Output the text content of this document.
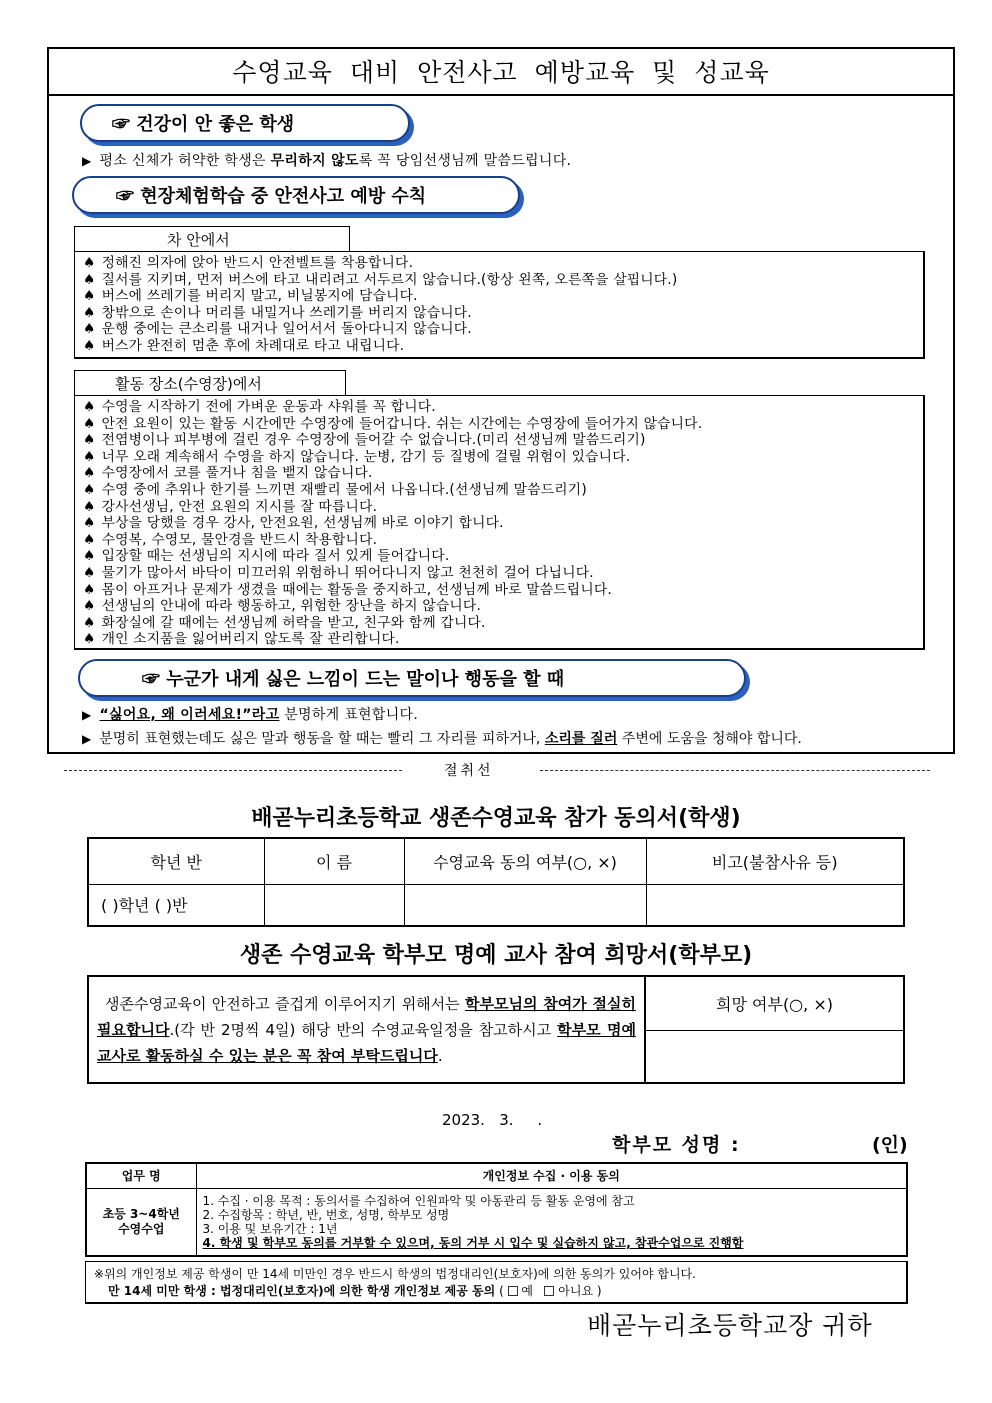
수영교육 대비 안전사고 예방교육 및 성교육
☞ 건강이 안 좋은 학생
▶ 평소 신체가 허약한 학생은 무리하지 않도록 꼭 당임선생님께 말씀드립니다.
☞ 현장체험학습 중 안전사고 예방 수칙
차 안에서
♠ 정해진 의자에 앉아 반드시 안전벨트를 착용합니다.
♠ 질서를 지키며, 먼저 버스에 타고 내리려고 서두르지 않습니다.(항상 왼쪽, 오른쪽을 살핍니다.)
♠ 버스에 쓰레기를 버리지 말고, 비닐봉지에 담습니다.
♠ 창밖으로 손이나 머리를 내밀거나 쓰레기를 버리지 않습니다.
♠ 운행 중에는 큰소리를 내거나 일어서서 돌아다니지 않습니다.
♠ 버스가 완전히 멈춘 후에 차례대로 타고 내립니다.
활동 장소(수영장)에서
♠ 수영을 시작하기 전에 가벼운 운동과 샤워를 꼭 합니다.
♠ 안전 요원이 있는 활동 시간에만 수영장에 들어갑니다. 쉬는 시간에는 수영장에 들어가지 않습니다.
♠ 전염병이나 피부병에 걸린 경우 수영장에 들어갈 수 없습니다.(미리 선생님께 말씀드리기)
♠ 너무 오래 계속해서 수영을 하지 않습니다. 눈병, 감기 등 질병에 걸릴 위험이 있습니다.
♠ 수영장에서 코를 풀거나 침을 뱉지 않습니다.
♠ 수영 중에 추위나 한기를 느끼면 재빨리 물에서 나옵니다.(선생님께 말씀드리기)
♠ 강사선생님, 안전 요원의 지시를 잘 따릅니다.
♠ 부상을 당했을 경우 강사, 안전요원, 선생님께 바로 이야기 합니다.
♠ 수영복, 수영모, 물안경을 반드시 착용합니다.
♠ 입장할 때는 선생님의 지시에 따라 질서 있게 들어갑니다.
♠ 물기가 많아서 바닥이 미끄러워 위험하니 뛰어다니지 않고 천천히 걸어 다닙니다.
♠ 몸이 아프거나 문제가 생겼을 때에는 활동을 중지하고, 선생님께 바로 말씀드립니다.
♠ 선생님의 안내에 따라 행동하고, 위험한 장난을 하지 않습니다.
♠ 화장실에 갈 때에는 선생님께 허락을 받고, 친구와 함께 갑니다.
♠ 개인 소지품을 잃어버리지 않도록 잘 관리합니다.
☞ 누군가 내게 싫은 느낌이 드는 말이나 행동을 할 때
▶ “싫어요, 왜 이러세요!”라고 분명하게 표현합니다.
▶ 분명히 표현했는데도 싫은 말과 행동을 할 때는 빨리 그 자리를 피하거나, 소리를 질러 주변에 도움을 청해야 합니다.
절취선
배곧누리초등학교 생존수영교육 참가 동의서(학생)
학년 반	이 름	수영교육 동의 여부(○, ×)	비고(불참사유 등)
( )학년 ( )반			
생존 수영교육 학부모 명예 교사 참여 희망서(학부모)
생존수영교육이 안전하고 즐겁게 이루어지기 위해서는 학부모님의 참여가 절실히 필요합니다.(각 반 2명씩 4일) 해당 반의 수영교육일정을 참고하시고 학부모 명예교사로 활동하실 수 있는 분은 꼭 참여 부탁드립니다.	희망 여부(○, ×)

2023.   3.     .
학부모 성명 :	(인)
업무 명	개인정보 수집 · 이용 동의
초등 3~4학년 수영수업	1. 수집 · 이용 목적 : 동의서를 수집하여 인원파악 및 아동관리 등 활동 운영에 참고
2. 수집항목 : 학년, 반, 번호, 성명, 학부모 성명
3. 이용 및 보유기간 : 1년
4. 학생 및 학부모 동의를 거부할 수 있으며, 동의 거부 시 입수 및 실습하지 않고, 참관수업으로 진행함
※위의 개인정보 제공 학생이 만 14세 미만인 경우 반드시 학생의 법정대리인(보호자)에 의한 동의가 있어야 합니다.
만 14세 미만 학생 : 법정대리인(보호자)에 의한 학생 개인정보 제공 동의 (  예 아니요 )
배곧누리초등학교장 귀하
